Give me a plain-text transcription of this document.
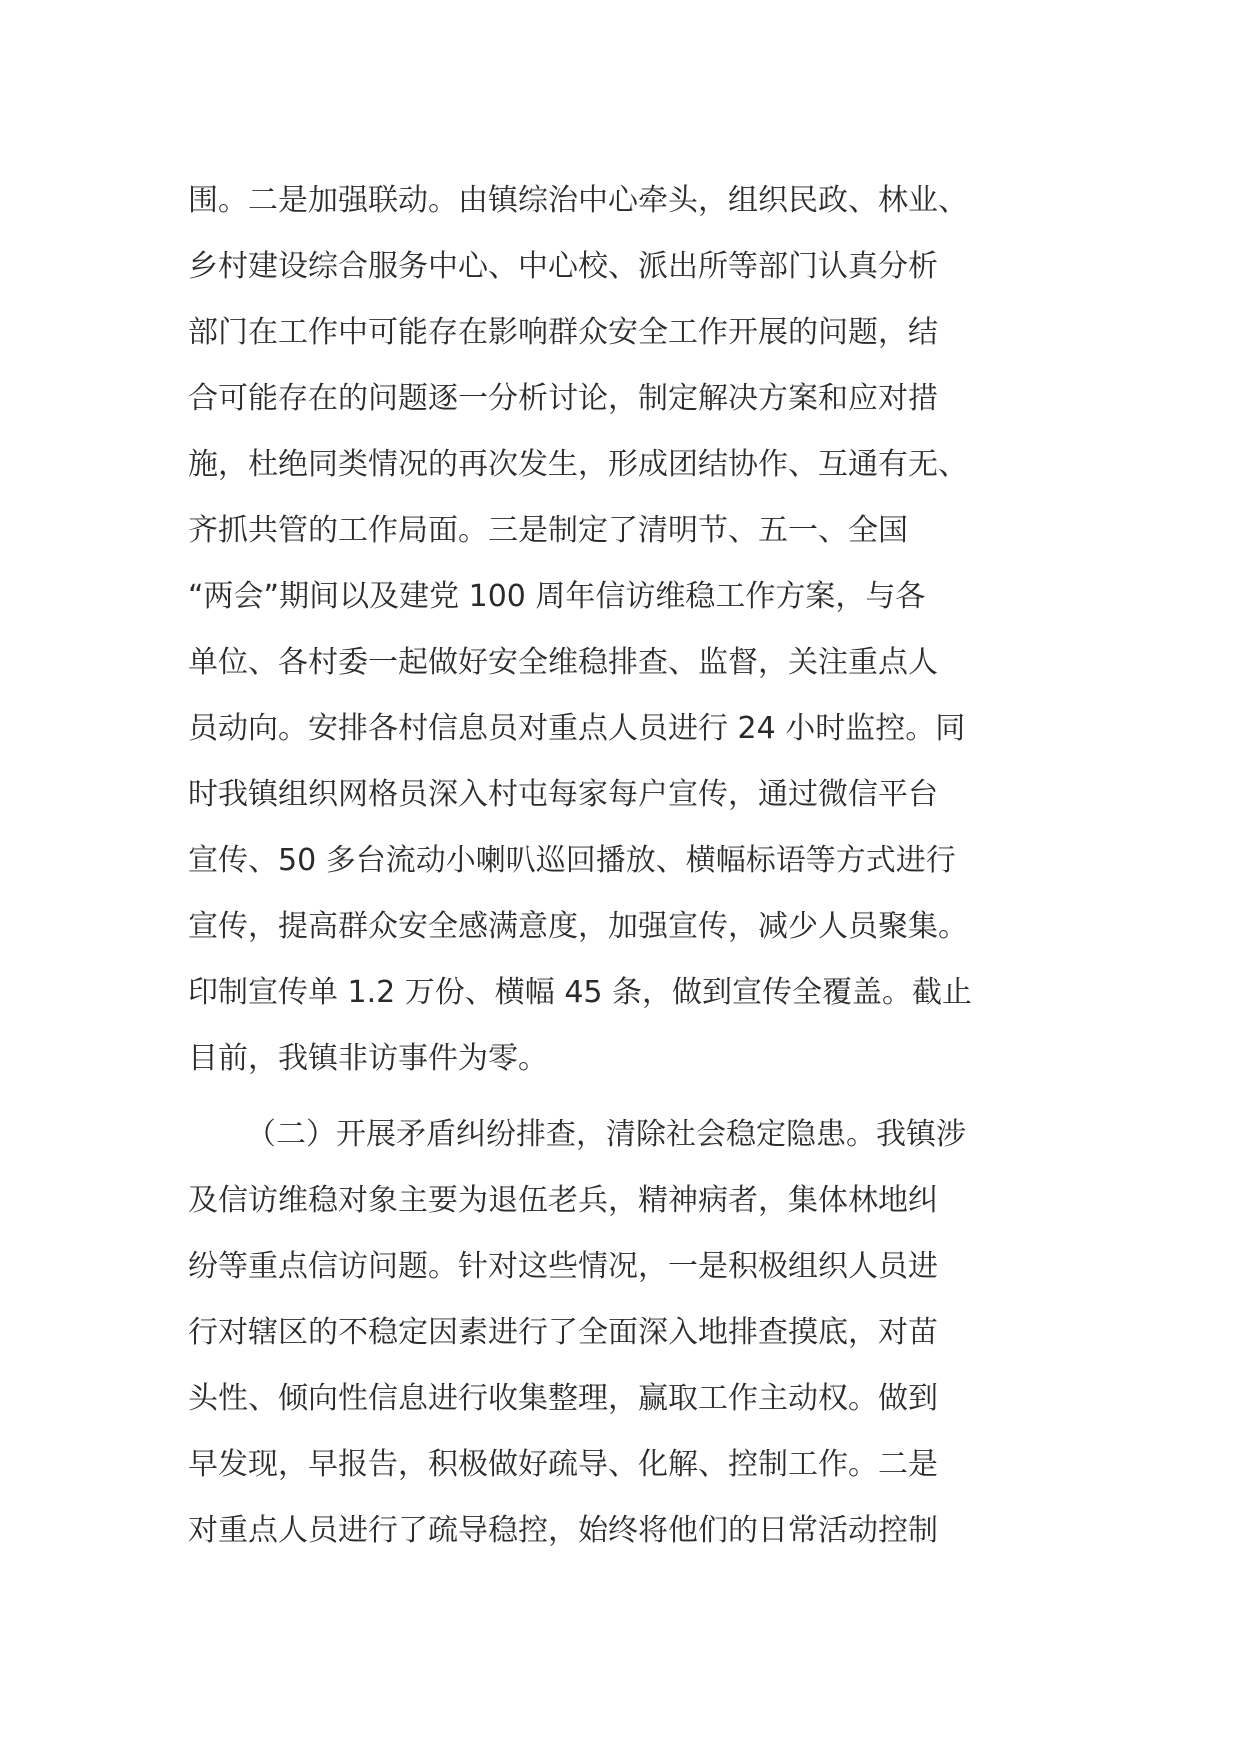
围。二是加强联动。由镇综治中心牵头，组织民政、林业、
乡村建设综合服务中心、中心校、派出所等部门认真分析
部门在工作中可能存在影响群众安全工作开展的问题，结
合可能存在的问题逐一分析讨论，制定解决方案和应对措
施，杜绝同类情况的再次发生，形成团结协作、互通有无、
齐抓共管的工作局面。三是制定了清明节、五一、全国
“两会”期间以及建党 100 周年信访维稳工作方案，与各
单位、各村委一起做好安全维稳排查、监督，关注重点人
员动向。安排各村信息员对重点人员进行 24 小时监控。同
时我镇组织网格员深入村屯每家每户宣传，通过微信平台
宣传、50 多台流动小喇叭巡回播放、横幅标语等方式进行
宣传，提高群众安全感满意度，加强宣传，减少人员聚集。
印制宣传单 1.2 万份、横幅 45 条，做到宣传全覆盖。截止
目前，我镇非访事件为零。

（二）开展矛盾纠纷排查，清除社会稳定隐患。我镇涉
及信访维稳对象主要为退伍老兵，精神病者，集体林地纠
纷等重点信访问题。针对这些情况，一是积极组织人员进
行对辖区的不稳定因素进行了全面深入地排查摸底，对苗
头性、倾向性信息进行收集整理，赢取工作主动权。做到
早发现，早报告，积极做好疏导、化解、控制工作。二是
对重点人员进行了疏导稳控，始终将他们的日常活动控制
